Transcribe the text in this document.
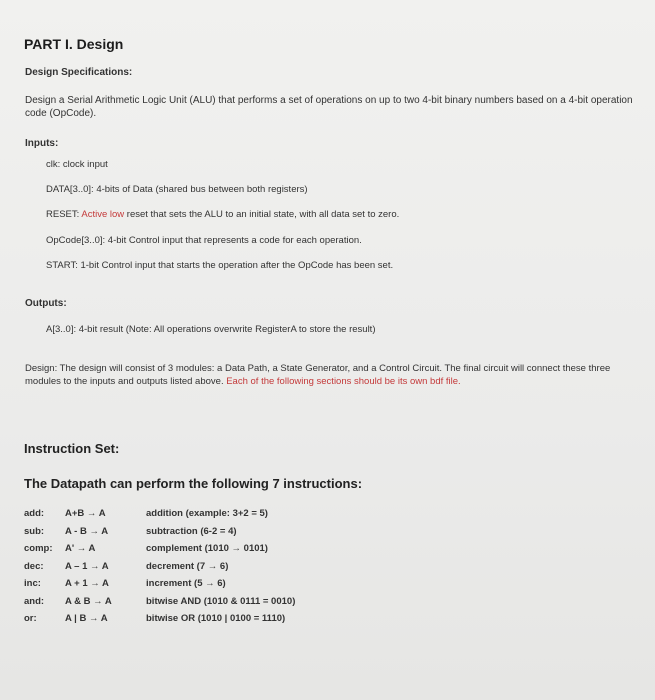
PART I. Design
Design Specifications:
Design a Serial Arithmetic Logic Unit (ALU) that performs a set of operations on up to two 4-bit binary numbers based on a 4-bit operation code (OpCode).
Inputs:
clk: clock input
DATA[3..0]: 4-bits of Data (shared bus between both registers)
RESET: Active low reset that sets the ALU to an initial state, with all data set to zero.
OpCode[3..0]: 4-bit Control input that represents a code for each operation.
START: 1-bit Control input that starts the operation after the OpCode has been set.
Outputs:
A[3..0]: 4-bit result (Note: All operations overwrite RegisterA to store the result)
Design: The design will consist of 3 modules: a Data Path, a State Generator, and a Control Circuit. The final circuit will connect these three modules to the inputs and outputs listed above. Each of the following sections should be its own bdf file.
Instruction Set:
The Datapath can perform the following 7 instructions:
add: A+B → A	addition (example: 3+2 = 5)
sub: A - B → A	subtraction (6-2 = 4)
comp: A' → A	complement (1010 → 0101)
dec: A – 1 → A	decrement (7 → 6)
inc:	A + 1 → A	increment (5 → 6)
and: A & B → A	bitwise AND (1010 & 0111 = 0010)
or:	A | B → A	bitwise OR (1010 | 0100 = 1110)
